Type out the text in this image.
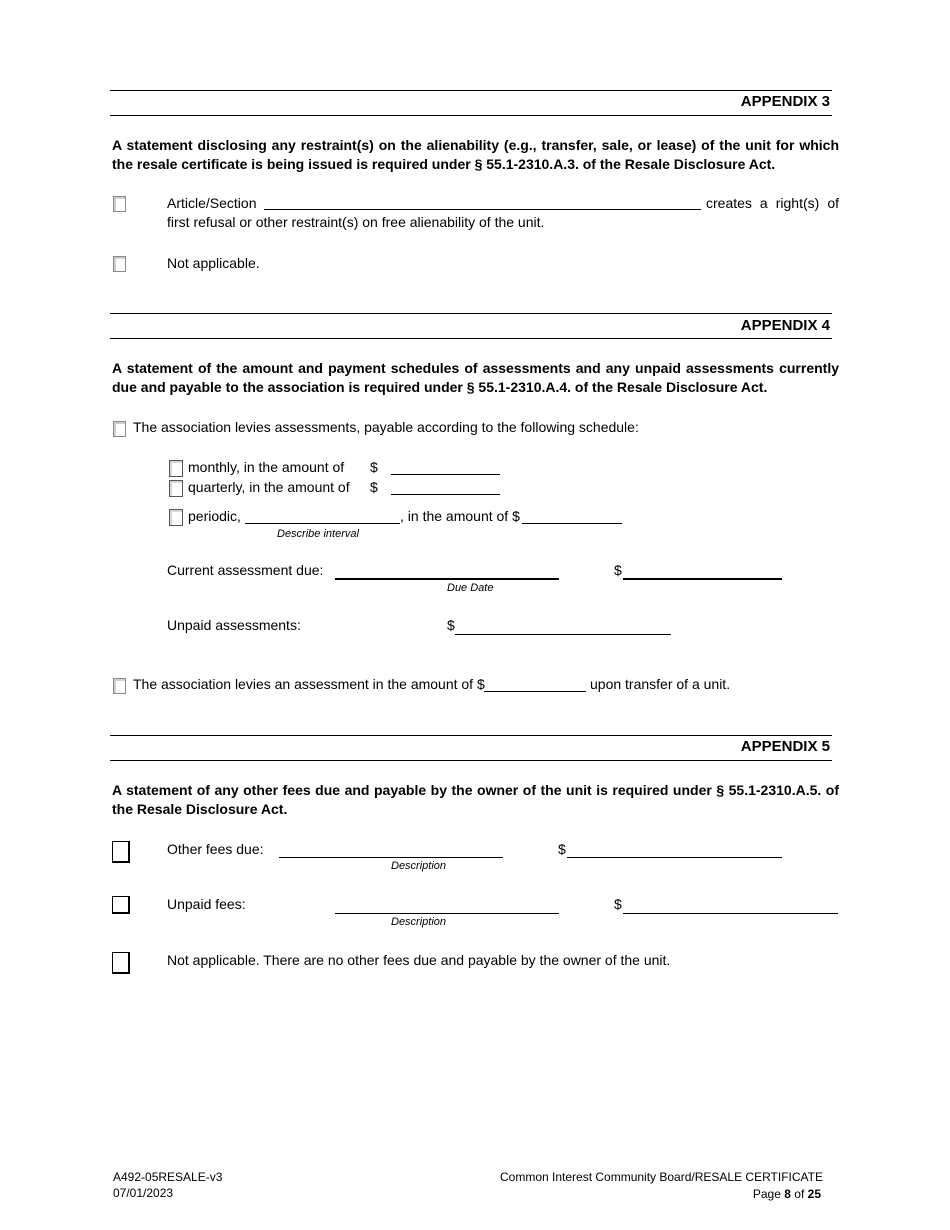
APPENDIX 3
A statement disclosing any restraint(s) on the alienability (e.g., transfer, sale, or lease) of the unit for which the resale certificate is being issued is required under § 55.1-2310.A.3. of the Resale Disclosure Act.
Article/Section	creates a right(s) of
first refusal or other restraint(s) on free alienability of the unit.
Not applicable.
APPENDIX 4
A statement of the amount and payment schedules of assessments and any unpaid assessments currently due and payable to the association is required under § 55.1-2310.A.4. of the Resale Disclosure Act.
The association levies assessments, payable according to the following schedule:
monthly, in the amount of $
quarterly, in the amount of $
periodic,	, in the amount of $
Describe interval
Current assessment due:
Due Date
$
Unpaid assessments:	$
The association levies an assessment in the amount of $	upon transfer of a unit.
APPENDIX 5
A statement of any other fees due and payable by the owner of the unit is required under § 55.1-2310.A.5. of the Resale Disclosure Act.
Other fees due:
Description
$
Unpaid fees:
Description
$
Not applicable. There are no other fees due and payable by the owner of the unit.
A492-05RESALE-v3
07/01/2023
Common Interest Community Board/RESALE CERTIFICATE
Page 8 of 25
